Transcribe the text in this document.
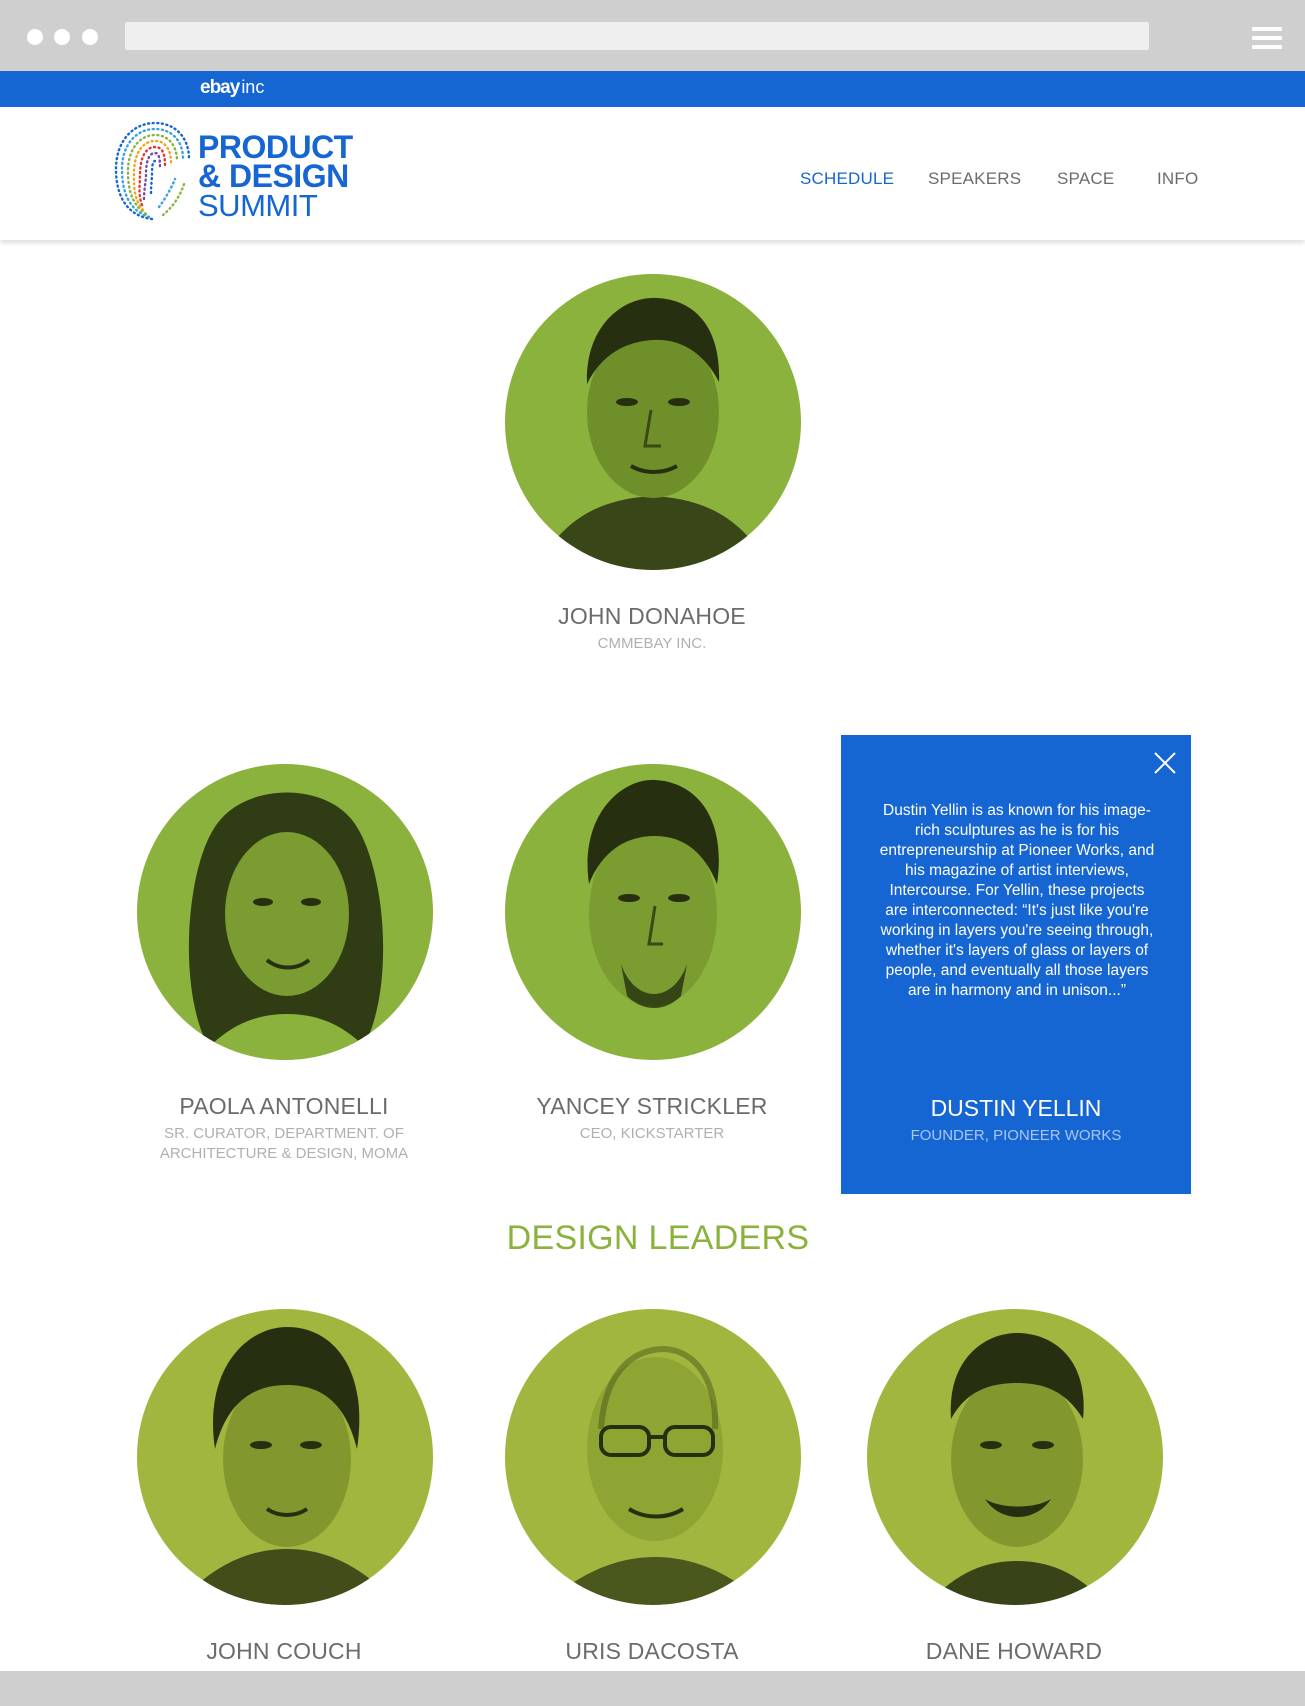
ebay inc
PRODUCT
& DESIGN
SUMMIT
SCHEDULE SPEAKERS SPACE	INFO
JOHN DONAHOE
CMMEBAY INC.
PAOLA ANTONELLI
SR. CURATOR, DEPARTMENT. OF
ARCHITECTURE & DESIGN, MOMA
YANCEY STRICKLER
CEO, KICKSTARTER
Dustin Yellin is as known for his image-rich sculptures as he is for his entrepreneurship at Pioneer Works, and his magazine of artist interviews, Intercourse. For Yellin, these projects are interconnected: “It's just like you're working in layers you're seeing through, whether it's layers of glass or layers of people, and eventually all those layers are in harmony and in unison...”
DUSTIN YELLIN
FOUNDER, PIONEER WORKS
DESIGN LEADERS
JOHN COUCH	URIS DACOSTA	DANE HOWARD
